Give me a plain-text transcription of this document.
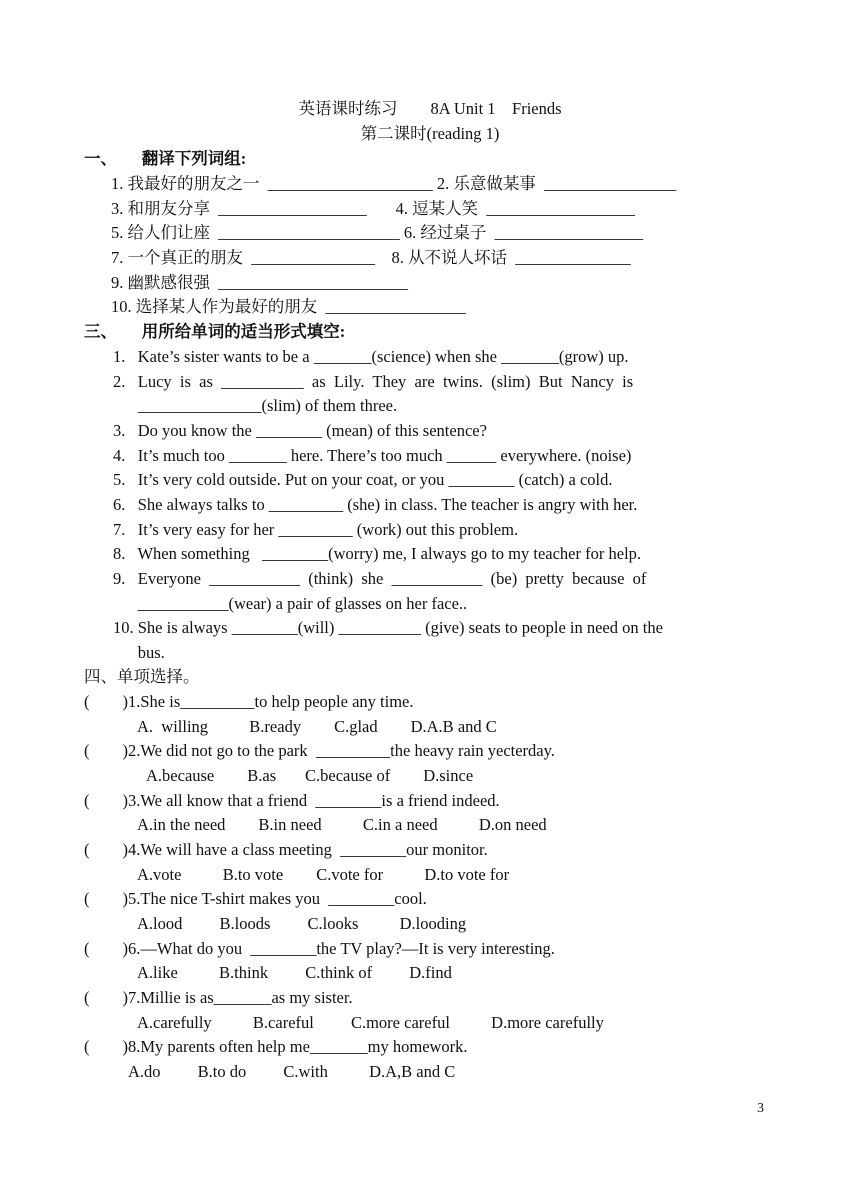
英语课时练习        8A Unit 1    Friends
第二课时(reading 1)
一、      翻译下列词组:
1. 我最好的朋友之一  ____________________ 2. 乐意做某事  ________________
3. 和朋友分享  __________________       4. 逗某人笑  __________________
5. 给人们让座  ______________________ 6. 经过桌子  __________________
7. 一个真正的朋友  _______________    8. 从不说人坏话  ______________
9. 幽默感很强  _______________________
10. 选择某人作为最好的朋友  _________________
三、      用所给单词的适当形式填空:
1.   Kate’s sister wants to be a _______(science) when she _______(grow) up.
2.   Lucy  is  as  __________  as  Lily.  They  are  twins.  (slim)  But  Nancy  is
_______________(slim) of them three.
3.   Do you know the ________ (mean) of this sentence?
4.   It’s much too _______ here. There’s too much ______ everywhere. (noise)
5.   It’s very cold outside. Put on your coat, or you ________ (catch) a cold.
6.   She always talks to _________ (she) in class. The teacher is angry with her.
7.   It’s very easy for her _________ (work) out this problem.
8.   When something   ________(worry) me, I always go to my teacher for help.
9.   Everyone  ___________  (think)  she  ___________  (be)  pretty  because  of
___________(wear) a pair of glasses on her face..
10. She is always ________(will) __________ (give) seats to people in need on the
bus.
四、单项选择。
(        )1.She is_________to help people any time.
A.  willing          B.ready        C.glad        D.A.B and C
(        )2.We did not go to the park  _________the heavy rain yecterday.
A.because        B.as       C.because of        D.since
(        )3.We all know that a friend  ________is a friend indeed.
A.in the need        B.in need          C.in a need          D.on need
(        )4.We will have a class meeting  ________our monitor.
A.vote          B.to vote        C.vote for          D.to vote for
(        )5.The nice T-shirt makes you  ________cool.
A.lood         B.loods         C.looks          D.looding
(        )6.—What do you  ________the TV play?—It is very interesting.
A.like          B.think         C.think of         D.find
(        )7.Millie is as_______as my sister.
A.carefully          B.careful         C.more careful          D.more carefully
(        )8.My parents often help me_______my homework.
A.do         B.to do         C.with          D.A,B and C
3
